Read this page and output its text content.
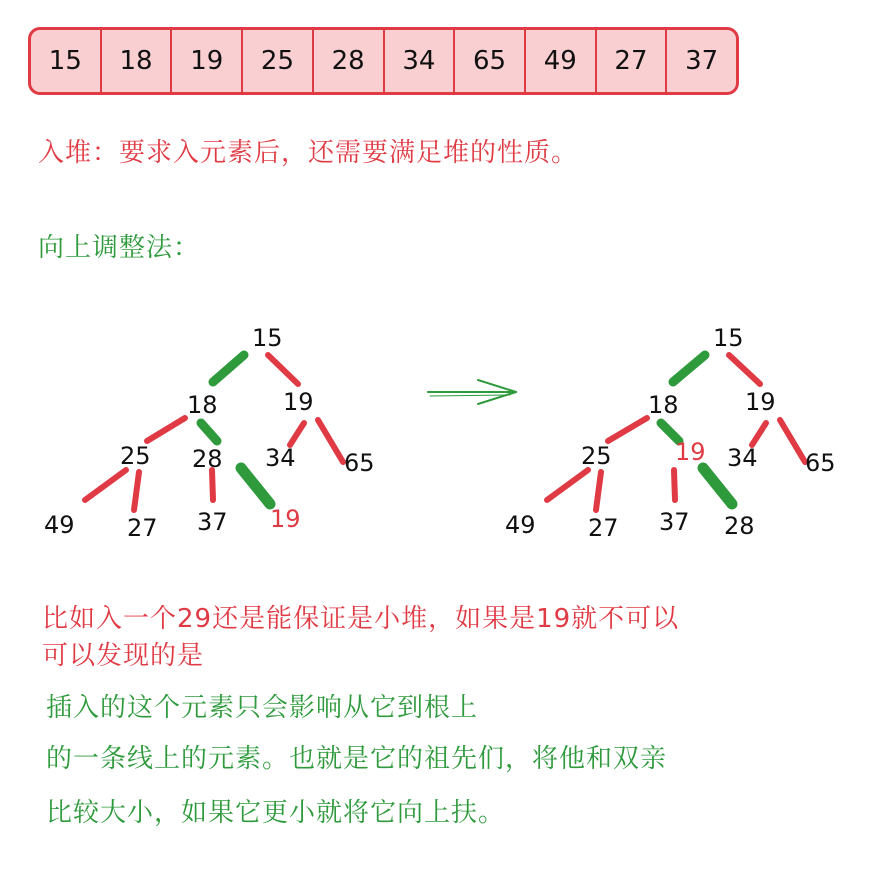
15	18	19	25	28	34	65	49	27	37
入堆：要求入元素后，还需要满足堆的性质。
向上调整法：
15
18	19
25 28 34 65
49 27 37 19
15
18	19
25	19 34 65
49 27 37 28
比如入一个29还是能保证是小堆，如果是19就不可以
可以发现的是
插入的这个元素只会影响从它到根上
的一条线上的元素。也就是它的祖先们，将他和双亲
比较大小，如果它更小就将它向上扶。
